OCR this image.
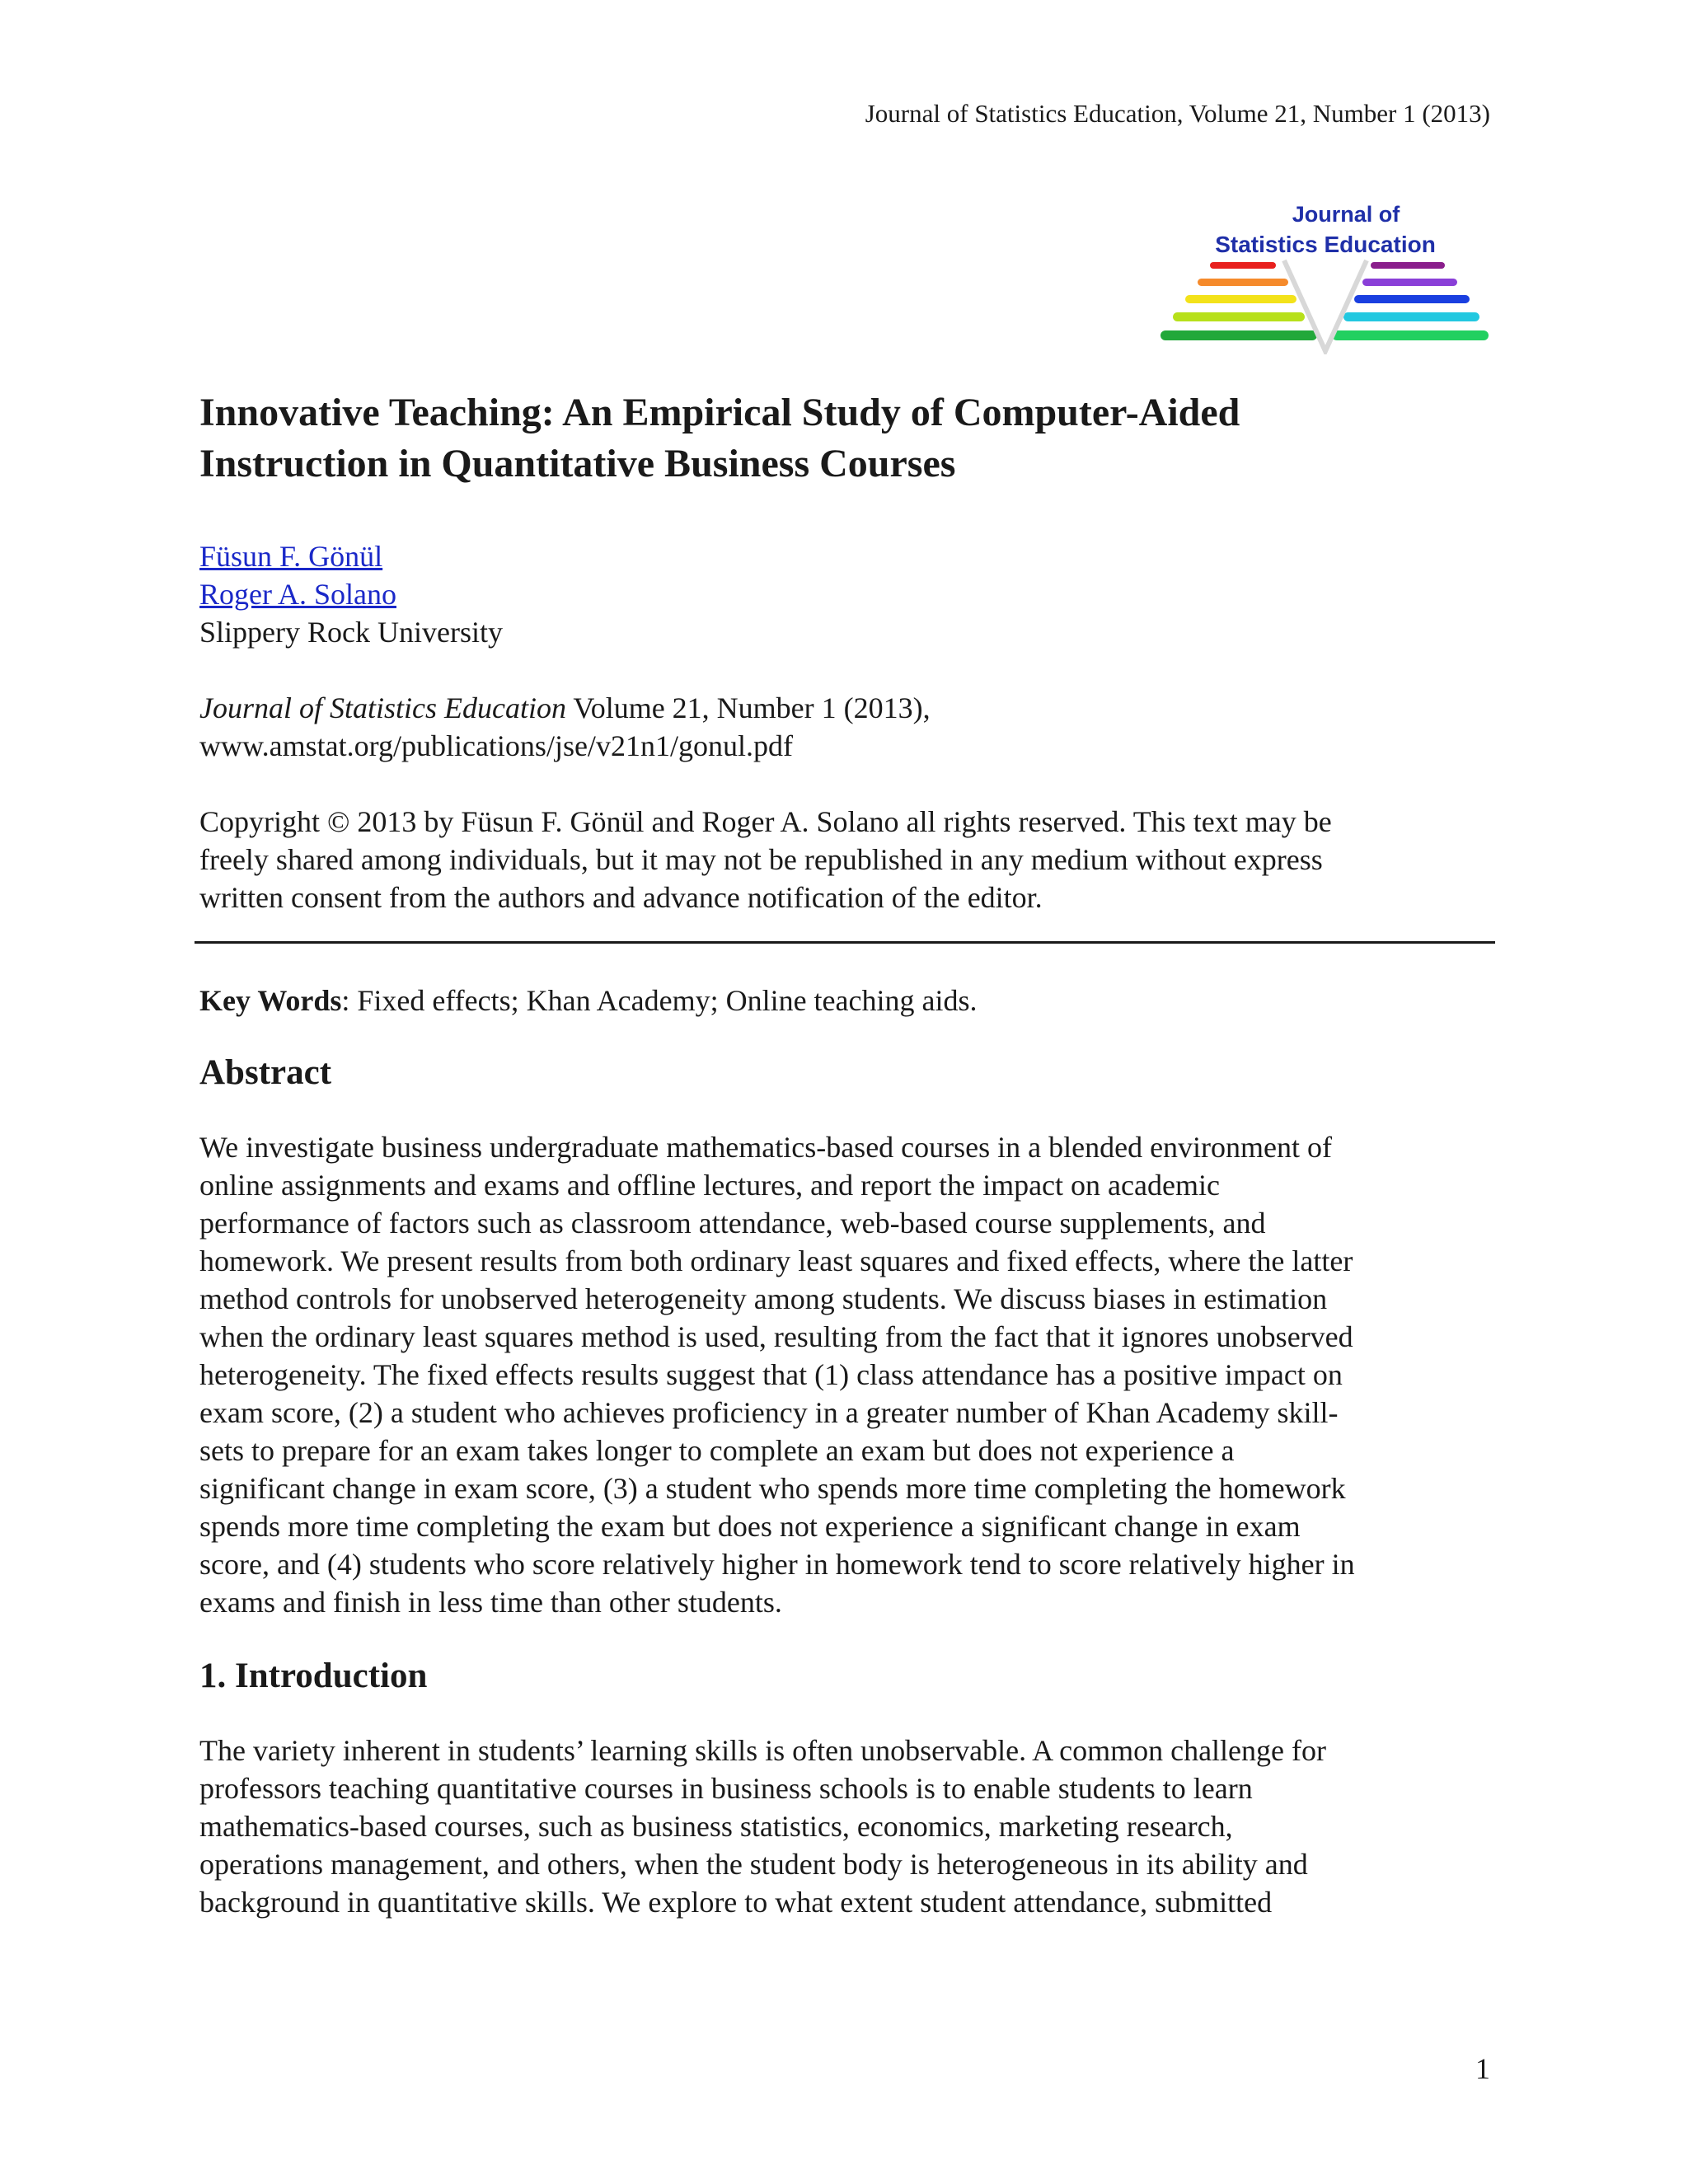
Journal of Statistics Education, Volume 21, Number 1 (2013)
Journal of
Statistics Education
Innovative Teaching: An Empirical Study of Computer-Aided
Instruction in Quantitative Business Courses
Füsun F. Gönül
Roger A. Solano
Slippery Rock University
Journal of Statistics Education Volume 21, Number 1 (2013),
www.amstat.org/publications/jse/v21n1/gonul.pdf
Copyright © 2013 by Füsun F. Gönül and Roger A. Solano all rights reserved. This text may be
freely shared among individuals, but it may not be republished in any medium without express
written consent from the authors and advance notification of the editor.
Key Words: Fixed effects; Khan Academy; Online teaching aids.
Abstract
We investigate business undergraduate mathematics-based courses in a blended environment of
online assignments and exams and offline lectures, and report the impact on academic
performance of factors such as classroom attendance, web-based course supplements, and
homework. We present results from both ordinary least squares and fixed effects, where the latter
method controls for unobserved heterogeneity among students. We discuss biases in estimation
when the ordinary least squares method is used, resulting from the fact that it ignores unobserved
heterogeneity. The fixed effects results suggest that (1) class attendance has a positive impact on
exam score, (2) a student who achieves proficiency in a greater number of Khan Academy skill-
sets to prepare for an exam takes longer to complete an exam but does not experience a
significant change in exam score, (3) a student who spends more time completing the homework
spends more time completing the exam but does not experience a significant change in exam
score, and (4) students who score relatively higher in homework tend to score relatively higher in
exams and finish in less time than other students.
1. Introduction
The variety inherent in students’ learning skills is often unobservable. A common challenge for
professors teaching quantitative courses in business schools is to enable students to learn
mathematics-based courses, such as business statistics, economics, marketing research,
operations management, and others, when the student body is heterogeneous in its ability and
background in quantitative skills. We explore to what extent student attendance, submitted
1
